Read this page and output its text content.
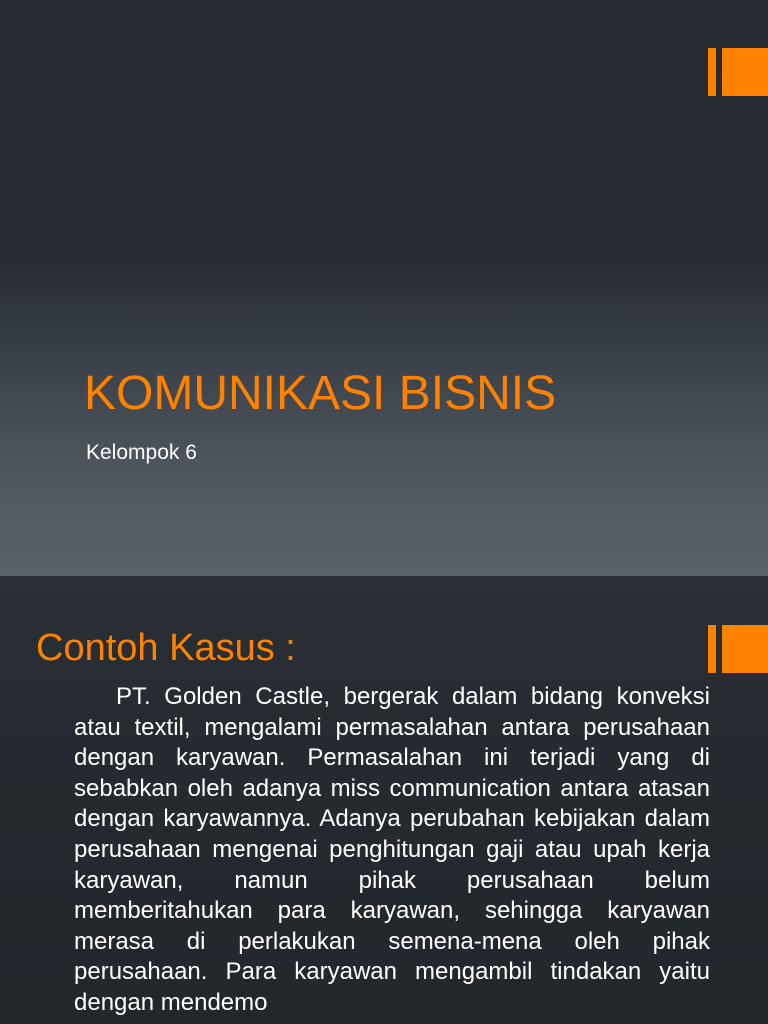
KOMUNIKASI BISNIS

Kelompok 6

Contoh Kasus :

PT. Golden Castle, bergerak dalam bidang konveksi atau textil, mengalami permasalahan antara perusahaan dengan karyawan. Permasalahan ini terjadi yang di sebabkan oleh adanya miss communication antara atasan dengan karyawannya. Adanya perubahan kebijakan dalam perusahaan mengenai penghitungan gaji atau upah kerja karyawan, namun pihak perusahaan belum memberitahukan para karyawan, sehingga karyawan merasa di perlakukan semena-mena oleh pihak perusahaan. Para karyawan mengambil tindakan yaitu dengan mendemo
